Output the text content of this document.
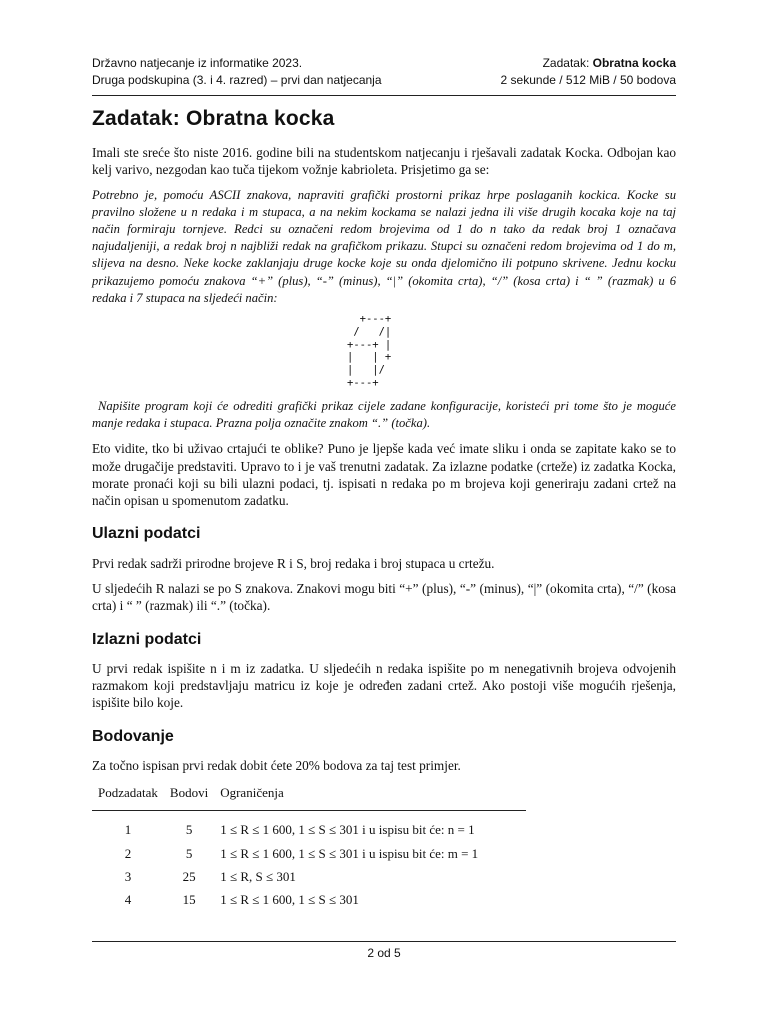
Državno natjecanje iz informatike 2023.	Zadatak: Obratna kocka
Druga podskupina (3. i 4. razred) – prvi dan natjecanja	2 sekunde / 512 MiB / 50 bodova
Zadatak: Obratna kocka

Imali ste sreće što niste 2016. godine bili na studentskom natjecanju i rješavali zadatak Kocka. Odbojan kao kelj varivo, nezgodan kao tuča tijekom vožnje kabrioleta. Prisjetimo ga se:

Potrebno je, pomoću ASCII znakova, napraviti grafički prostorni prikaz hrpe poslaganih kockica. Kocke su pravilno složene u n redaka i m stupaca, a na nekim kockama se nalazi jedna ili više drugih kocaka koje na taj način formiraju tornjeve. Redci su označeni redom brojevima od 1 do n tako da redak broj 1 označava najudaljeniji, a redak broj n najbliži redak na grafičkom prikazu. Stupci su označeni redom brojevima od 1 do m, slijeva na desno. Neke kocke zaklanjaju druge kocke koje su onda djelomično ili potpuno skrivene. Jednu kocku prikazujemo pomoću znakova “+” (plus), “-” (minus), “|” (okomita crta), “/” (kosa crta) i “ ” (razmak) u 6 redaka i 7 stupaca na sljedeći način:

+---+
/   /|
+---+ |
|   | +
|   |/
+---+

Napišite program koji će odrediti grafički prikaz cijele zadane konfiguracije, koristeći pri tome što je moguće manje redaka i stupaca. Prazna polja označite znakom “.” (točka).

Eto vidite, tko bi uživao crtajući te oblike? Puno je ljepše kada već imate sliku i onda se zapitate kako se to može drugačije predstaviti. Upravo to i je vaš trenutni zadatak. Za izlazne podatke (crteže) iz zadatka Kocka, morate pronaći koji su bili ulazni podaci, tj. ispisati n redaka po m brojeva koji generiraju zadani crtež na način opisan u spomenutom zadatku.

Ulazni podatci

Prvi redak sadrži prirodne brojeve R i S, broj redaka i broj stupaca u crtežu.

U sljedećih R nalazi se po S znakova. Znakovi mogu biti “+” (plus), “-” (minus), “|” (okomita crta), “/” (kosa crta) i “ ” (razmak) ili “.” (točka).

Izlazni podatci

U prvi redak ispišite n i m iz zadatka. U sljedećih n redaka ispišite po m nenegativnih brojeva odvojenih razmakom koji predstavljaju matricu iz koje je određen zadani crtež. Ako postoji više mogućih rješenja, ispišite bilo koje.

Bodovanje

Za točno ispisan prvi redak dobit ćete 20% bodova za taj test primjer.

Podzadatak	Bodovi	Ograničenja
1	5	1 ≤ R ≤ 1 600, 1 ≤ S ≤ 301 i u ispisu bit će: n = 1
2	5	1 ≤ R ≤ 1 600, 1 ≤ S ≤ 301 i u ispisu bit će: m = 1
3	25	1 ≤ R, S ≤ 301
4	15	1 ≤ R ≤ 1 600, 1 ≤ S ≤ 301
2 od 5
